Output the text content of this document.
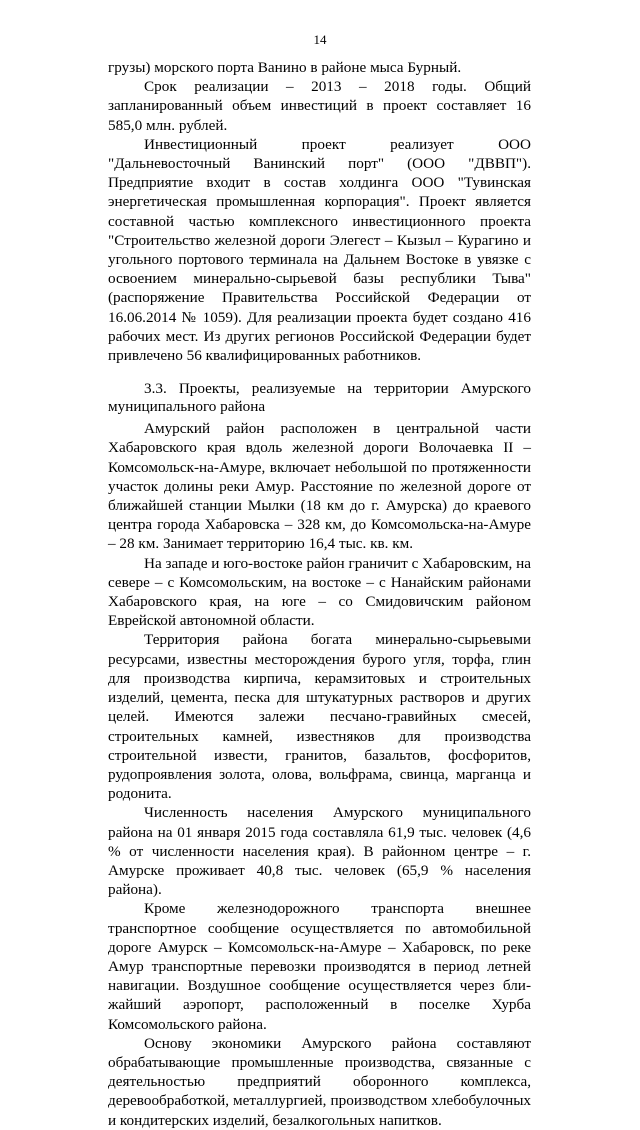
14

грузы) морского порта Ванино в районе мыса Бурный.

Срок реализации – 2013 – 2018 годы. Общий запланированный объем инвестиций в проект составляет 16 585,0 млн. рублей.

Инвестиционный проект реализует ООО "Дальневосточный Ванинский порт" (ООО "ДВВП"). Предприятие входит в состав холдинга ООО "Тувинская энергетическая промышленная корпорация". Проект является составной частью комплексного инвестиционного проекта "Строительство железной дороги Элегест – Кызыл – Курагино и угольного портового терминала на Дальнем Востоке в увязке с освоением минерально-сырьевой базы республики Тыва" (распоряжение Правительства Российской Федерации от 16.06.2014 № 1059). Для реализации проекта будет создано 416 рабочих мест. Из других регионов Российской Федерации будет привлечено 56 квалифицированных работников.

3.3. Проекты, реализуемые на территории Амурского
муниципального района

Амурский район расположен в центральной части Хабаровского края вдоль железной дороги Волочаевка II – Комсомольск-на-Амуре, включает небольшой по протяженности участок долины реки Амур. Расстояние по железной дороге от ближайшей станции Мылки (18 км до г. Амурска) до краевого центра города Хабаровска – 328 км, до Комсомольска-на-Амуре – 28 км. Занимает территорию 16,4 тыс. кв. км.

На западе и юго-востоке район граничит с Хабаровским, на севере – с Комсомольским, на востоке – с Нанайским районами Хабаровского края, на юге – со Смидовичским районом Еврейской автономной области.

Территория района богата минерально-сырьевыми ресурсами, известны месторождения бурого угля, торфа, глин для производства кирпича, керамзитовых и строительных изделий, цемента, песка для штукатурных растворов и других целей. Имеются залежи песчано-гравийных смесей, строительных камней, известняков для производства строительной извести, гранитов, базальтов, фосфоритов, рудопроявления золота, олова, вольфрама, свинца, марганца и родонита.

Численность населения Амурского муниципального района на 01 января 2015 года составляла 61,9 тыс. человек (4,6 % от численности населения края). В районном центре – г. Амурске проживает 40,8 тыс. человек (65,9 % населения района).

Кроме железнодорожного транспорта внешнее транспортное сообщение осуществляется по автомобильной дороге Амурск – Комсомольск-на-Амуре – Хабаровск, по реке Амур транспортные перевозки производятся в период летней навигации. Воздушное сообщение осуществляется через ближайший аэропорт, расположенный в поселке Хурба Комсомольского района.

Основу экономики Амурского района составляют обрабатывающие промышленные производства, связанные с деятельностью предприятий оборонного комплекса, деревообработкой, металлургией, производством хлебобулочных и кондитерских изделий, безалкогольных напитков.
